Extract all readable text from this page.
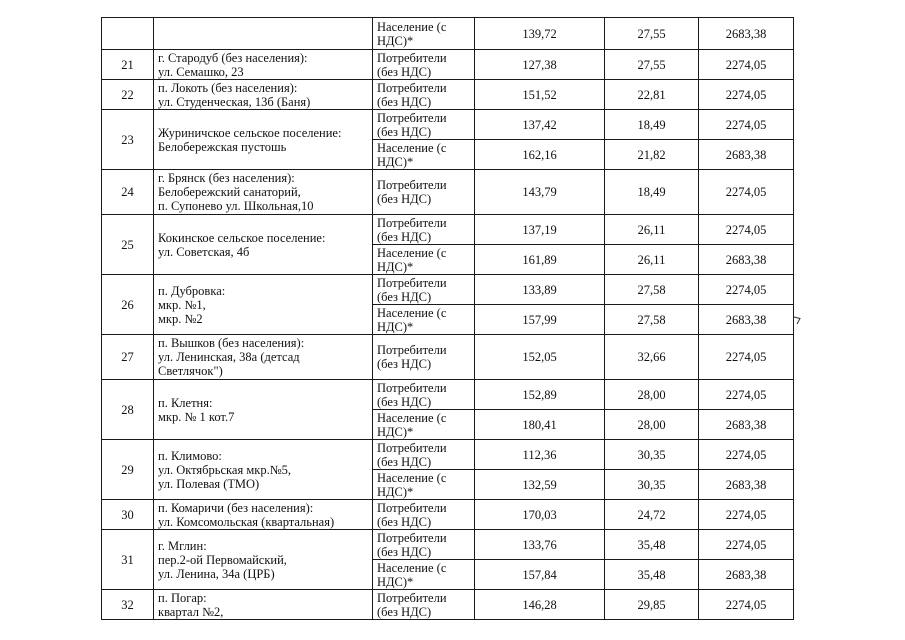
		Население (с
НДС)*	139,72	27,55	2683,38

21	г. Стародуб (без населения):
ул. Семашко, 23	Потребители
(без НДС)	127,38	27,55	2274,05

22	п. Локоть (без населения):
ул. Студенческая, 13б (Баня)	Потребители
(без НДС)	151,52	22,81	2274,05

23	Журиничское сельское поселение:
Белобережская пустошь	Потребители
(без НДС)	137,42	18,49	2274,05

		Население (с
НДС)*	162,16	21,82	2683,38

24	г. Брянск (без населения):
Белобережский санаторий,
п. Супонево ул. Школьная,10	Потребители
(без НДС)	143,79	18,49	2274,05

25	Кокинское сельское поселение:
ул. Советская, 4б	Потребители
(без НДС)	137,19	26,11	2274,05

		Население (с
НДС)*	161,89	26,11	2683,38

26	п. Дубровка:
мкр. №1,
мкр. №2	Потребители
(без НДС)	133,89	27,58	2274,05

		Население (с
НДС)*	157,99	27,58	2683,38

27	п. Вышков (без населения):
ул. Ленинская, 38а (детсад
Светлячок")	Потребители
(без НДС)	152,05	32,66	2274,05

28	п. Клетня:
мкр. № 1 кот.7	Потребители
(без НДС)	152,89	28,00	2274,05

		Население (с
НДС)*	180,41	28,00	2683,38

29	п. Климово:
ул. Октябрьская мкр.№5,
ул. Полевая (ТМО)	Потребители
(без НДС)	112,36	30,35	2274,05

		Население (с
НДС)*	132,59	30,35	2683,38

30	п. Комаричи (без населения):
ул. Комсомольская (квартальная)	Потребители
(без НДС)	170,03	24,72	2274,05

31	г. Мглин:
пер.2-ой Первомайский,
ул. Ленина, 34а (ЦРБ)	Потребители
(без НДС)	133,76	35,48	2274,05

		Население (с
НДС)*	157,84	35,48	2683,38

32	п. Погар:
квартал №2,	Потребители
(без НДС)	146,28	29,85	2274,05
